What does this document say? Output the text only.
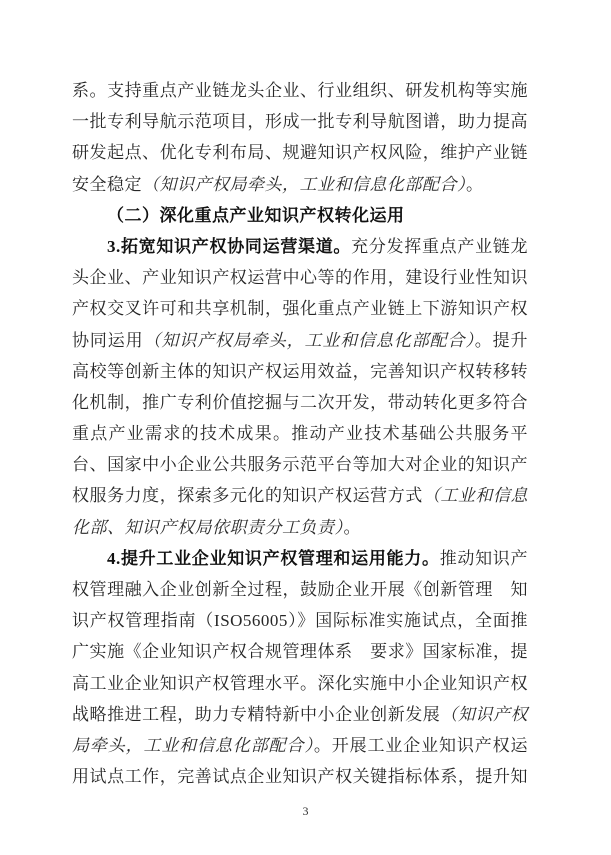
系。支持重点产业链龙头企业、行业组织、研发机构等实施
一批专利导航示范项目，形成一批专利导航图谱，助力提高
研发起点、优化专利布局、规避知识产权风险，维护产业链
安全稳定（知识产权局牵头，工业和信息化部配合）。
（二）深化重点产业知识产权转化运用
3.拓宽知识产权协同运营渠道。充分发挥重点产业链龙
头企业、产业知识产权运营中心等的作用，建设行业性知识
产权交叉许可和共享机制，强化重点产业链上下游知识产权
协同运用（知识产权局牵头，工业和信息化部配合）。提升
高校等创新主体的知识产权运用效益，完善知识产权转移转
化机制，推广专利价值挖掘与二次开发，带动转化更多符合
重点产业需求的技术成果。推动产业技术基础公共服务平
台、国家中小企业公共服务示范平台等加大对企业的知识产
权服务力度，探索多元化的知识产权运营方式（工业和信息
化部、知识产权局依职责分工负责）。
4.提升工业企业知识产权管理和运用能力。推动知识产
权管理融入企业创新全过程，鼓励企业开展《创新管理　知
识产权管理指南（ISO56005）》国际标准实施试点，全面推
广实施《企业知识产权合规管理体系　要求》国家标准，提
高工业企业知识产权管理水平。深化实施中小企业知识产权
战略推进工程，助力专精特新中小企业创新发展（知识产权
局牵头，工业和信息化部配合）。开展工业企业知识产权运
用试点工作，完善试点企业知识产权关键指标体系，提升知
3
